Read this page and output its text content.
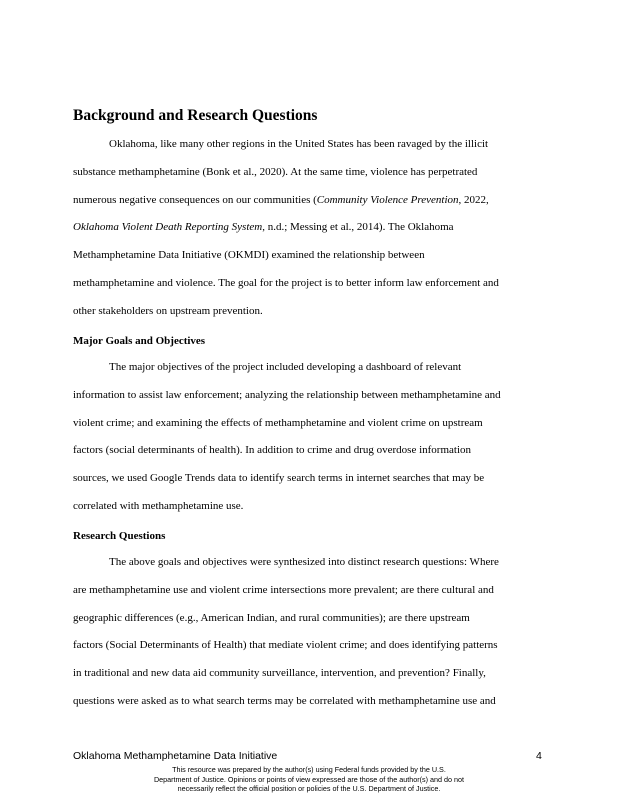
Background and Research Questions

Oklahoma, like many other regions in the United States has been ravaged by the illicit
substance methamphetamine (Bonk et al., 2020). At the same time, violence has perpetrated
numerous negative consequences on our communities (Community Violence Prevention, 2022,
Oklahoma Violent Death Reporting System, n.d.; Messing et al., 2014). The Oklahoma
Methamphetamine Data Initiative (OKMDI) examined the relationship between
methamphetamine and violence. The goal for the project is to better inform law enforcement and
other stakeholders on upstream prevention.

Major Goals and Objectives

The major objectives of the project included developing a dashboard of relevant
information to assist law enforcement; analyzing the relationship between methamphetamine and
violent crime; and examining the effects of methamphetamine and violent crime on upstream
factors (social determinants of health). In addition to crime and drug overdose information
sources, we used Google Trends data to identify search terms in internet searches that may be
correlated with methamphetamine use.

Research Questions

The above goals and objectives were synthesized into distinct research questions: Where
are methamphetamine use and violent crime intersections more prevalent; are there cultural and
geographic differences (e.g., American Indian, and rural communities); are there upstream
factors (Social Determinants of Health) that mediate violent crime; and does identifying patterns
in traditional and new data aid community surveillance, intervention, and prevention? Finally,
questions were asked as to what search terms may be correlated with methamphetamine use and

Oklahoma Methamphetamine Data Initiative	4
This resource was prepared by the author(s) using Federal funds provided by the U.S.
Department of Justice. Opinions or points of view expressed are those of the author(s) and do not
necessarily reflect the official position or policies of the U.S. Department of Justice.
